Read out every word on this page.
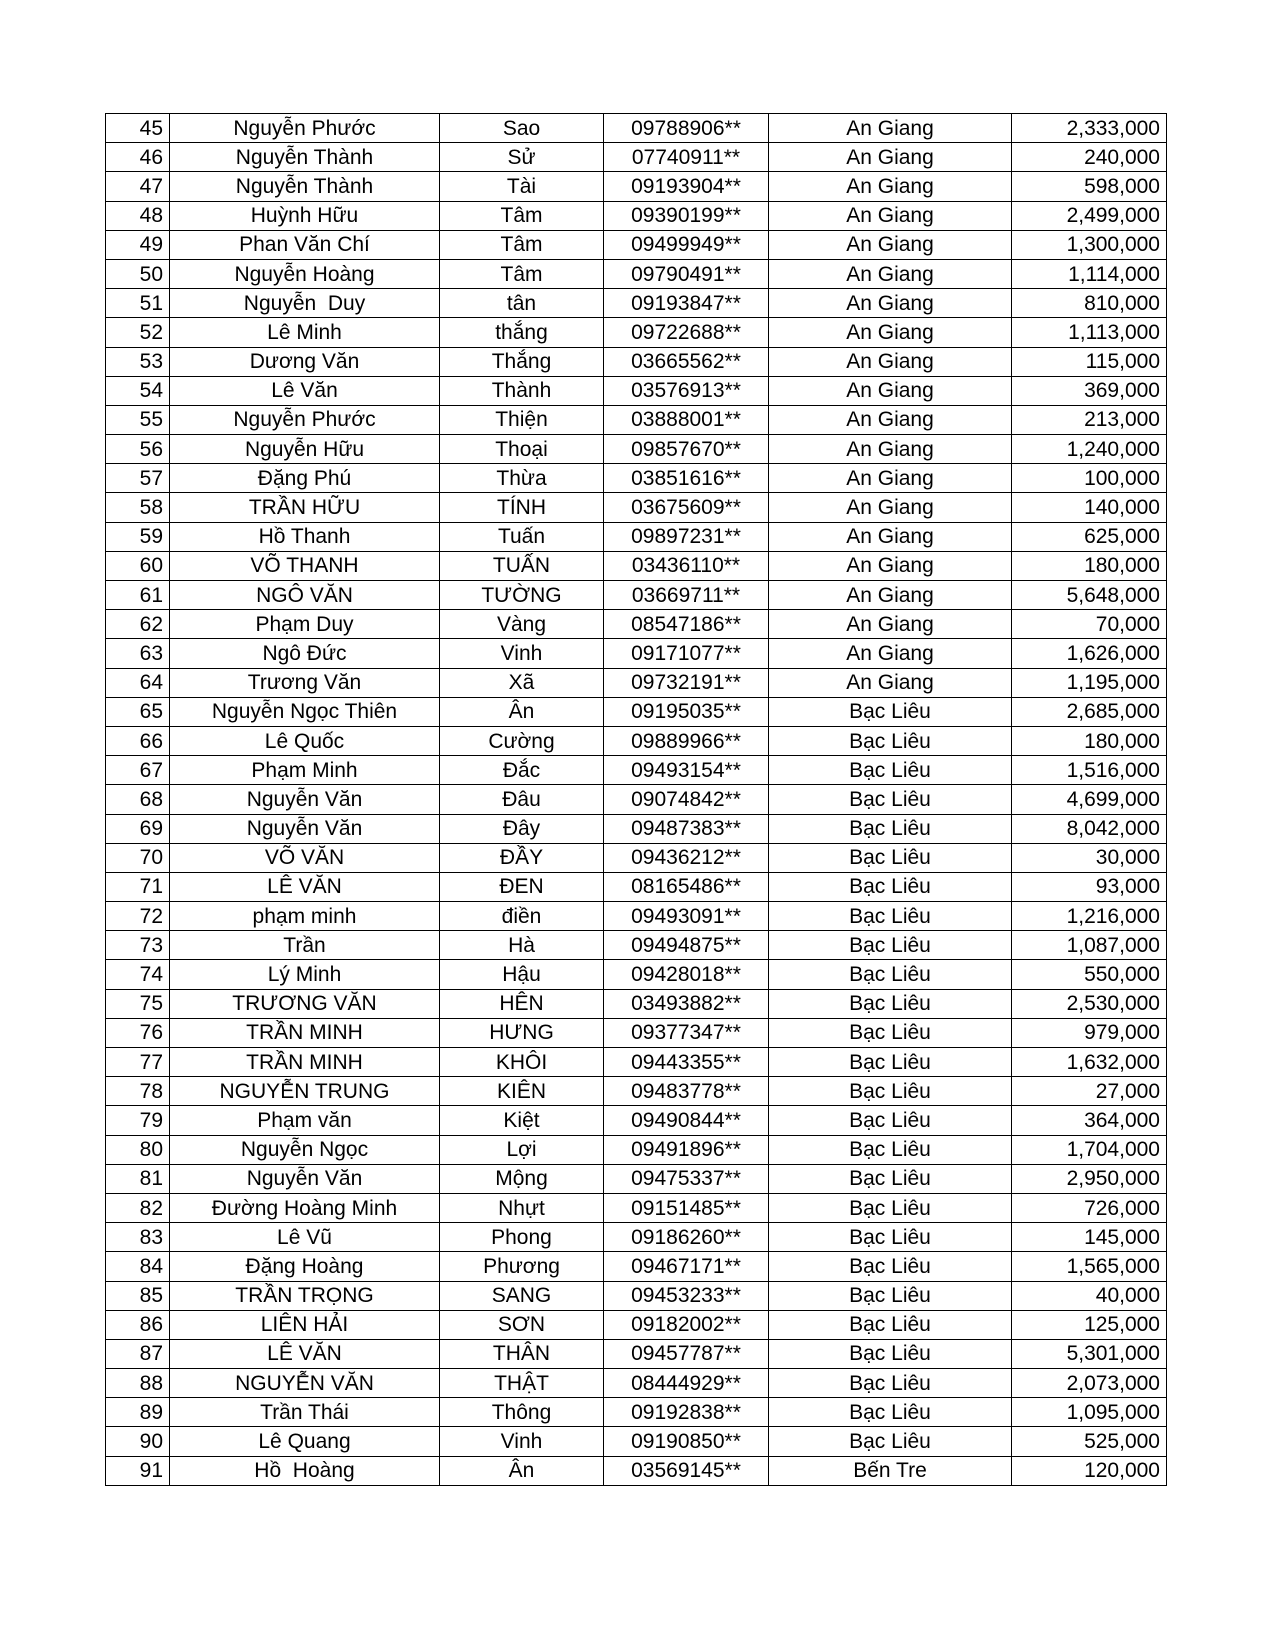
45	Nguyễn Phước	Sao	09788906**	An Giang	2,333,000
46	Nguyễn Thành	Sử	07740911**	An Giang	240,000
47	Nguyễn Thành	Tài	09193904**	An Giang	598,000
48	Huỳnh Hữu	Tâm	09390199**	An Giang	2,499,000
49	Phan Văn Chí	Tâm	09499949**	An Giang	1,300,000
50	Nguyễn Hoàng	Tâm	09790491**	An Giang	1,114,000
51	Nguyễn  Duy	tân	09193847**	An Giang	810,000
52	Lê Minh	thắng	09722688**	An Giang	1,113,000
53	Dương Văn	Thắng	03665562**	An Giang	115,000
54	Lê Văn	Thành	03576913**	An Giang	369,000
55	Nguyễn Phước	Thiện	03888001**	An Giang	213,000
56	Nguyễn Hữu	Thoại	09857670**	An Giang	1,240,000
57	Đặng Phú	Thừa	03851616**	An Giang	100,000
58	TRẦN HỮU	TÍNH	03675609**	An Giang	140,000
59	Hồ Thanh	Tuấn	09897231**	An Giang	625,000
60	VÕ THANH	TUẤN	03436110**	An Giang	180,000
61	NGÔ VĂN	TƯỜNG	03669711**	An Giang	5,648,000
62	Phạm Duy	Vàng	08547186**	An Giang	70,000
63	Ngô Đức	Vinh	09171077**	An Giang	1,626,000
64	Trương Văn	Xã	09732191**	An Giang	1,195,000
65	Nguyễn Ngọc Thiên	Ân	09195035**	Bạc Liêu	2,685,000
66	Lê Quốc	Cường	09889966**	Bạc Liêu	180,000
67	Phạm Minh	Đắc	09493154**	Bạc Liêu	1,516,000
68	Nguyễn Văn	Đâu	09074842**	Bạc Liêu	4,699,000
69	Nguyễn Văn	Đây	09487383**	Bạc Liêu	8,042,000
70	VÕ VĂN	ĐẦY	09436212**	Bạc Liêu	30,000
71	LÊ VĂN	ĐEN	08165486**	Bạc Liêu	93,000
72	phạm minh	điền	09493091**	Bạc Liêu	1,216,000
73	Trần	Hà	09494875**	Bạc Liêu	1,087,000
74	Lý Minh	Hậu	09428018**	Bạc Liêu	550,000
75	TRƯƠNG VĂN	HÊN	03493882**	Bạc Liêu	2,530,000
76	TRẦN MINH	HƯNG	09377347**	Bạc Liêu	979,000
77	TRẦN MINH	KHÔI	09443355**	Bạc Liêu	1,632,000
78	NGUYỄN TRUNG	KIÊN	09483778**	Bạc Liêu	27,000
79	Phạm văn	Kiệt	09490844**	Bạc Liêu	364,000
80	Nguyễn Ngọc	Lợi	09491896**	Bạc Liêu	1,704,000
81	Nguyễn Văn	Mộng	09475337**	Bạc Liêu	2,950,000
82	Đường Hoàng Minh	Nhựt	09151485**	Bạc Liêu	726,000
83	Lê Vũ	Phong	09186260**	Bạc Liêu	145,000
84	Đặng Hoàng	Phương	09467171**	Bạc Liêu	1,565,000
85	TRẦN TRỌNG	SANG	09453233**	Bạc Liêu	40,000
86	LIÊN HẢI	SƠN	09182002**	Bạc Liêu	125,000
87	LÊ VĂN	THÂN	09457787**	Bạc Liêu	5,301,000
88	NGUYỄN VĂN	THẬT	08444929**	Bạc Liêu	2,073,000
89	Trần Thái	Thông	09192838**	Bạc Liêu	1,095,000
90	Lê Quang	Vinh	09190850**	Bạc Liêu	525,000
91	Hồ  Hoàng	Ân	03569145**	Bến Tre	120,000
